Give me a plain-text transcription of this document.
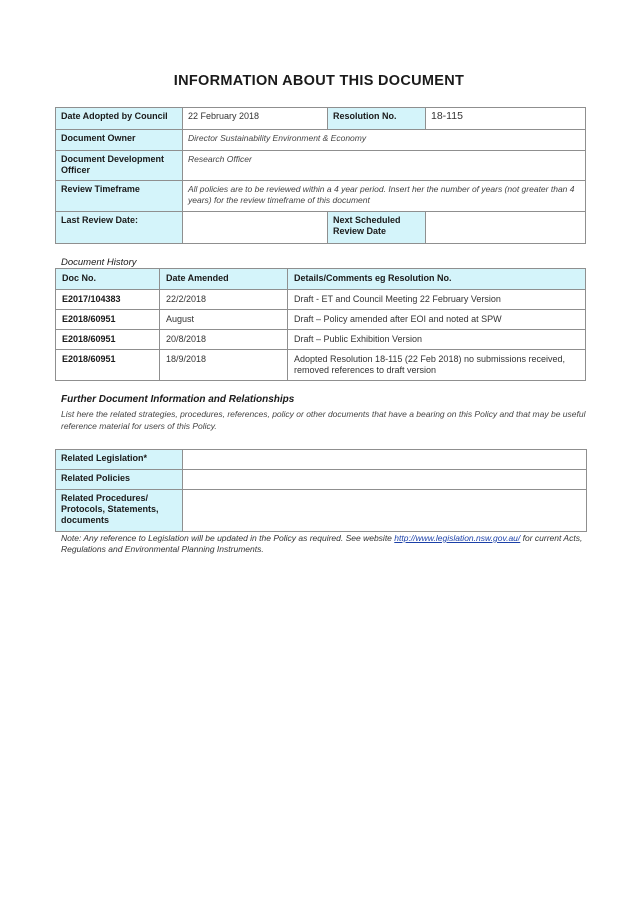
INFORMATION ABOUT THIS DOCUMENT
Date Adopted by Council	22 February 2018	Resolution No.	18-115
Document Owner	Director Sustainability Environment & Economy		
Document Development Officer	Research Officer		
Review Timeframe	All policies are to be reviewed within a 4 year period. Insert her the number of years (not greater than 4 years) for the review timeframe of this document		
Last Review Date:		Next Scheduled Review Date	
Document History
Doc No.	Date Amended	Details/Comments eg Resolution No.
E2017/104383	22/2/2018	Draft - ET and Council Meeting 22 February Version
E2018/60951	August	Draft – Policy amended after EOI and noted at SPW
E2018/60951	20/8/2018	Draft – Public Exhibition Version
E2018/60951	18/9/2018	Adopted Resolution 18-115 (22 Feb 2018) no submissions received, removed references to draft version
Further Document Information and Relationships
List here the related strategies, procedures, references, policy or other documents that have a bearing on this Policy and that may be useful reference material for users of this Policy.
Related Legislation*	
Related Policies	
Related Procedures/ Protocols, Statements, documents	
Note: Any reference to Legislation will be updated in the Policy as required. See website http://www.legislation.nsw.gov.au/ for current Acts, Regulations and Environmental Planning Instruments.
